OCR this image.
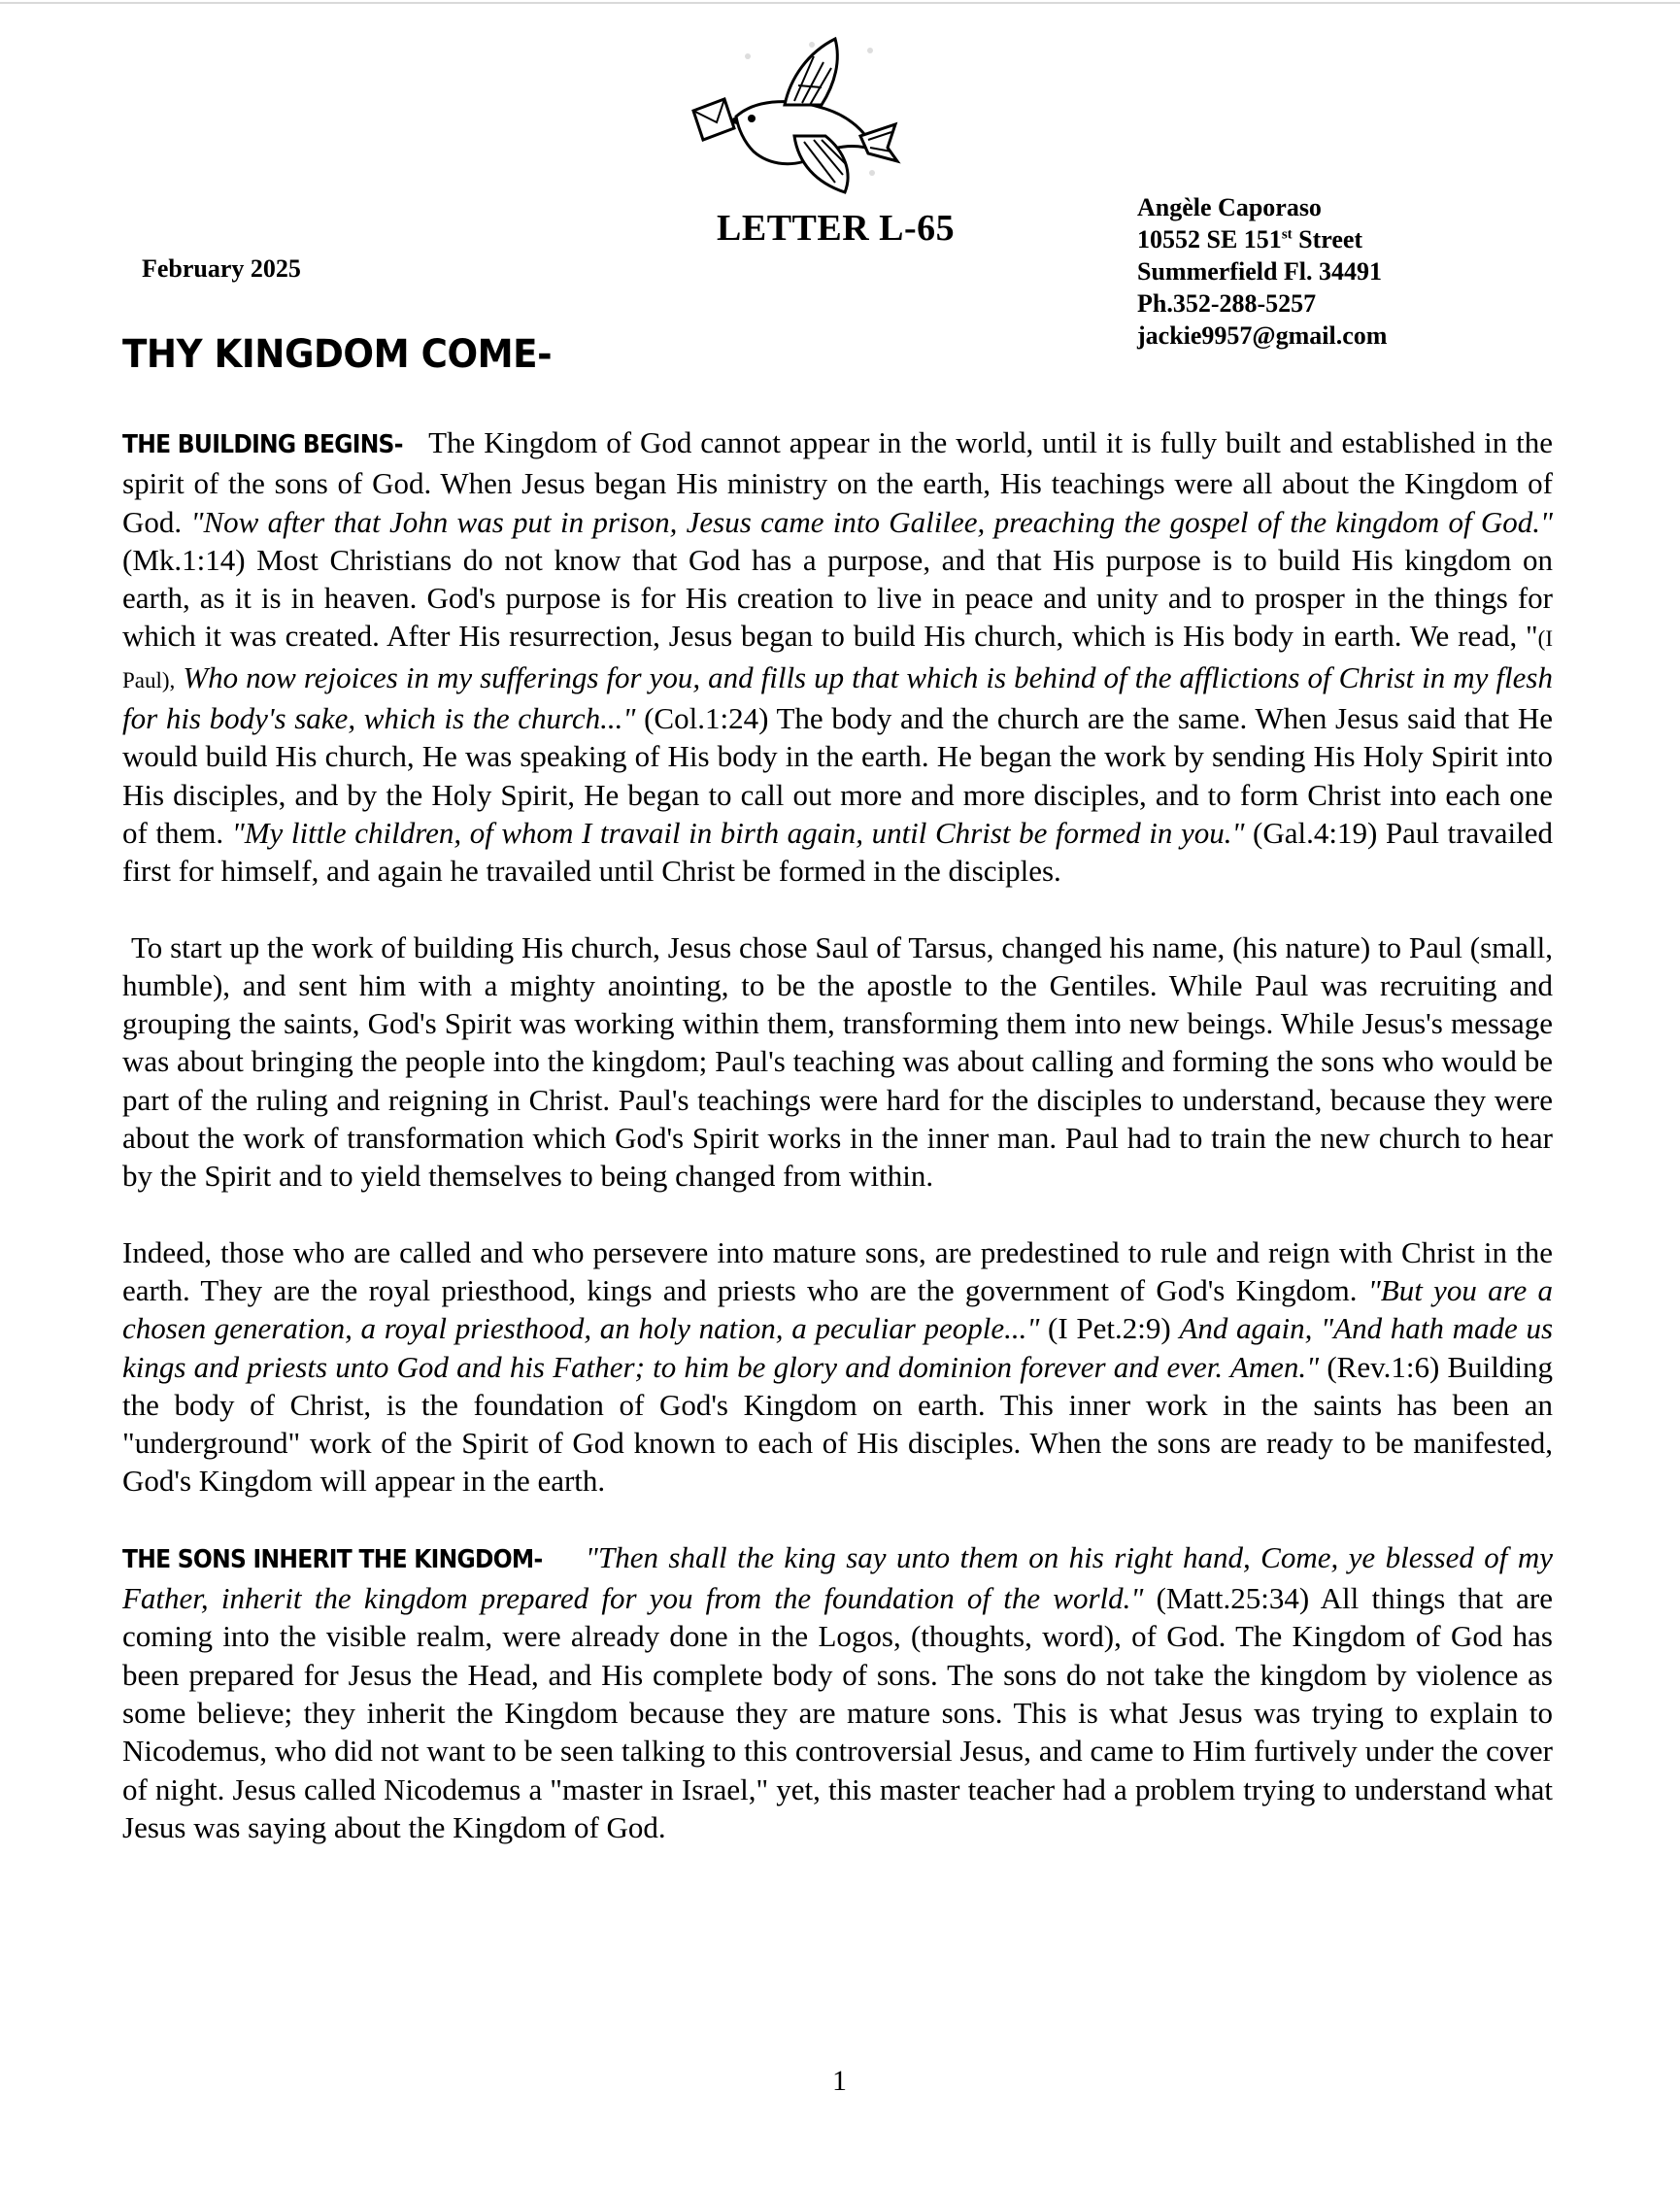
February 2025
LETTER L-65
Angèle Caporaso
10552 SE 151st Street
Summerfield Fl. 34491
Ph.352-288-5257
jackie9957@gmail.com
THY KINGDOM COME-

THE BUILDING BEGINS- The Kingdom of God cannot appear in the world, until it is fully built and established in the spirit of the sons of God. When Jesus began His ministry on the earth, His teachings were all about the Kingdom of God. "Now after that John was put in prison, Jesus came into Galilee, preaching the gospel of the kingdom of God." (Mk.1:14) Most Christians do not know that God has a purpose, and that His purpose is to build His kingdom on earth, as it is in heaven. God's purpose is for His creation to live in peace and unity and to prosper in the things for which it was created. After His resurrection, Jesus began to build His church, which is His body in earth. We read, "(I Paul), Who now rejoices in my sufferings for you, and fills up that which is behind of the afflictions of Christ in my flesh for his body's sake, which is the church..." (Col.1:24) The body and the church are the same. When Jesus said that He would build His church, He was speaking of His body in the earth. He began the work by sending His Holy Spirit into His disciples, and by the Holy Spirit, He began to call out more and more disciples, and to form Christ into each one of them. "My little children, of whom I travail in birth again, until Christ be formed in you." (Gal.4:19) Paul travailed first for himself, and again he travailed until Christ be formed in the disciples.

To start up the work of building His church, Jesus chose Saul of Tarsus, changed his name, (his nature) to Paul (small, humble), and sent him with a mighty anointing, to be the apostle to the Gentiles. While Paul was recruiting and grouping the saints, God's Spirit was working within them, transforming them into new beings. While Jesus's message was about bringing the people into the kingdom; Paul's teaching was about calling and forming the sons who would be part of the ruling and reigning in Christ. Paul's teachings were hard for the disciples to understand, because they were about the work of transformation which God's Spirit works in the inner man. Paul had to train the new church to hear by the Spirit and to yield themselves to being changed from within.

Indeed, those who are called and who persevere into mature sons, are predestined to rule and reign with Christ in the earth. They are the royal priesthood, kings and priests who are the government of God's Kingdom. "But you are a chosen generation, a royal priesthood, an holy nation, a peculiar people..." (I Pet.2:9) And again, "And hath made us kings and priests unto God and his Father; to him be glory and dominion forever and ever. Amen." (Rev.1:6) Building the body of Christ, is the foundation of God's Kingdom on earth. This inner work in the saints has been an "underground" work of the Spirit of God known to each of His disciples. When the sons are ready to be manifested, God's Kingdom will appear in the earth.

THE SONS INHERIT THE KINGDOM- "Then shall the king say unto them on his right hand, Come, ye blessed of my Father, inherit the kingdom prepared for you from the foundation of the world." (Matt.25:34) All things that are coming into the visible realm, were already done in the Logos, (thoughts, word), of God. The Kingdom of God has been prepared for Jesus the Head, and His complete body of sons. The sons do not take the kingdom by violence as some believe; they inherit the Kingdom because they are mature sons. This is what Jesus was trying to explain to Nicodemus, who did not want to be seen talking to this controversial Jesus, and came to Him furtively under the cover of night. Jesus called Nicodemus a "master in Israel," yet, this master teacher had a problem trying to understand what Jesus was saying about the Kingdom of God.

1
